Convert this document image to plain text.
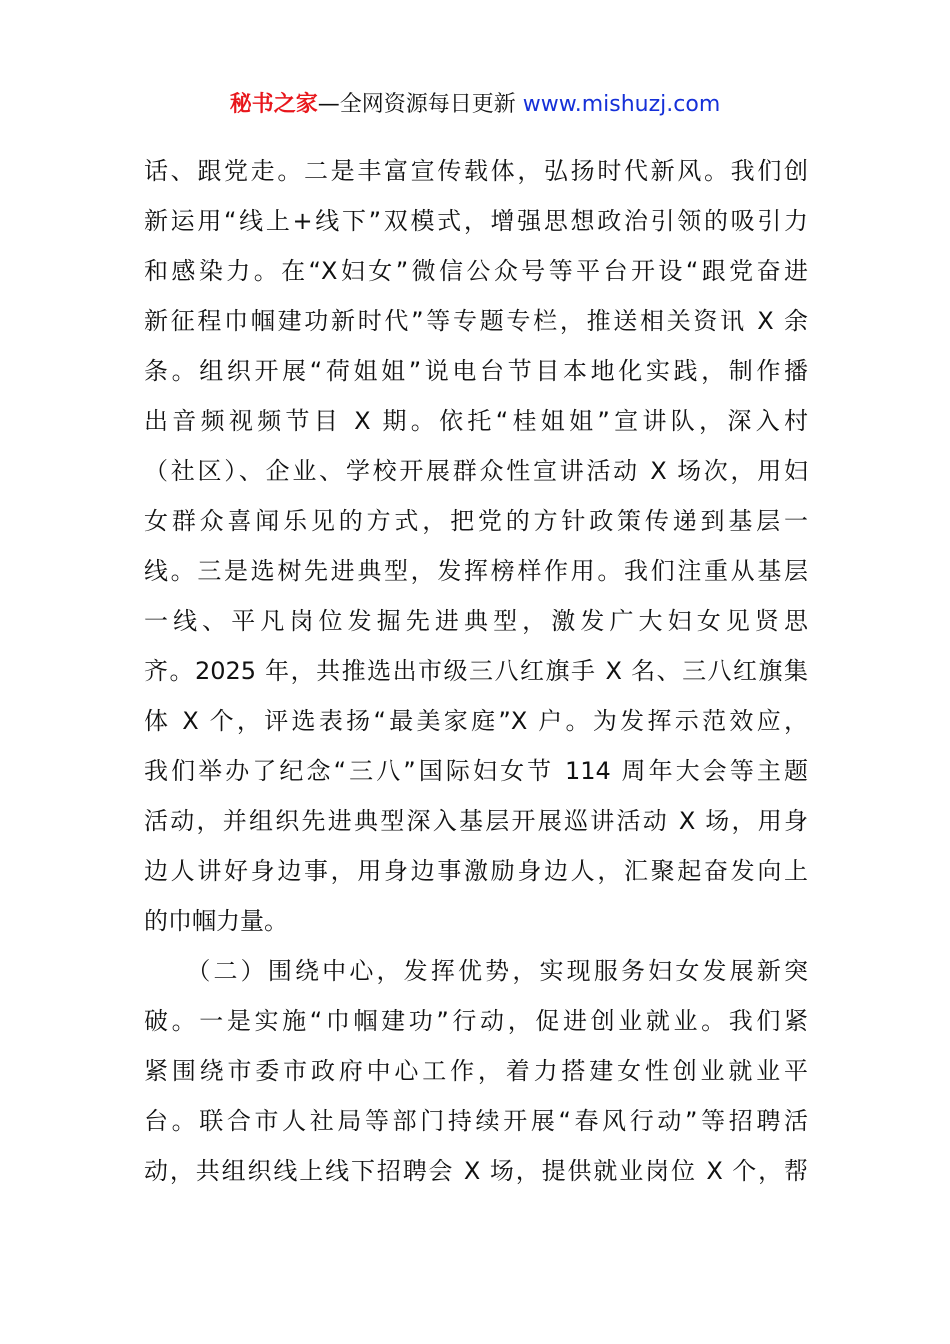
秘书之家—全网资源每日更新 www.mishuzj.com
话、跟党走。二是丰富宣传载体，弘扬时代新风。我们创
新运用“线上+线下”双模式，增强思想政治引领的吸引力
和感染力。在“X妇女”微信公众号等平台开设“跟党奋进
新征程巾帼建功新时代”等专题专栏，推送相关资讯 X 余
条。组织开展“荷姐姐”说电台节目本地化实践，制作播
出音频视频节目 X 期。依托“桂姐姐”宣讲队，深入村
（社区）、企业、学校开展群众性宣讲活动 X 场次，用妇
女群众喜闻乐见的方式，把党的方针政策传递到基层一
线。三是选树先进典型，发挥榜样作用。我们注重从基层
一线、平凡岗位发掘先进典型，激发广大妇女见贤思
齐。2025 年，共推选出市级三八红旗手 X 名、三八红旗集
体 X 个，评选表扬“最美家庭”X 户。为发挥示范效应，
我们举办了纪念“三八”国际妇女节 114 周年大会等主题
活动，并组织先进典型深入基层开展巡讲活动 X 场，用身
边人讲好身边事，用身边事激励身边人，汇聚起奋发向上
的巾帼力量。
　　（二）围绕中心，发挥优势，实现服务妇女发展新突
破。一是实施“巾帼建功”行动，促进创业就业。我们紧
紧围绕市委市政府中心工作，着力搭建女性创业就业平
台。联合市人社局等部门持续开展“春风行动”等招聘活
动，共组织线上线下招聘会 X 场，提供就业岗位 X 个，帮
